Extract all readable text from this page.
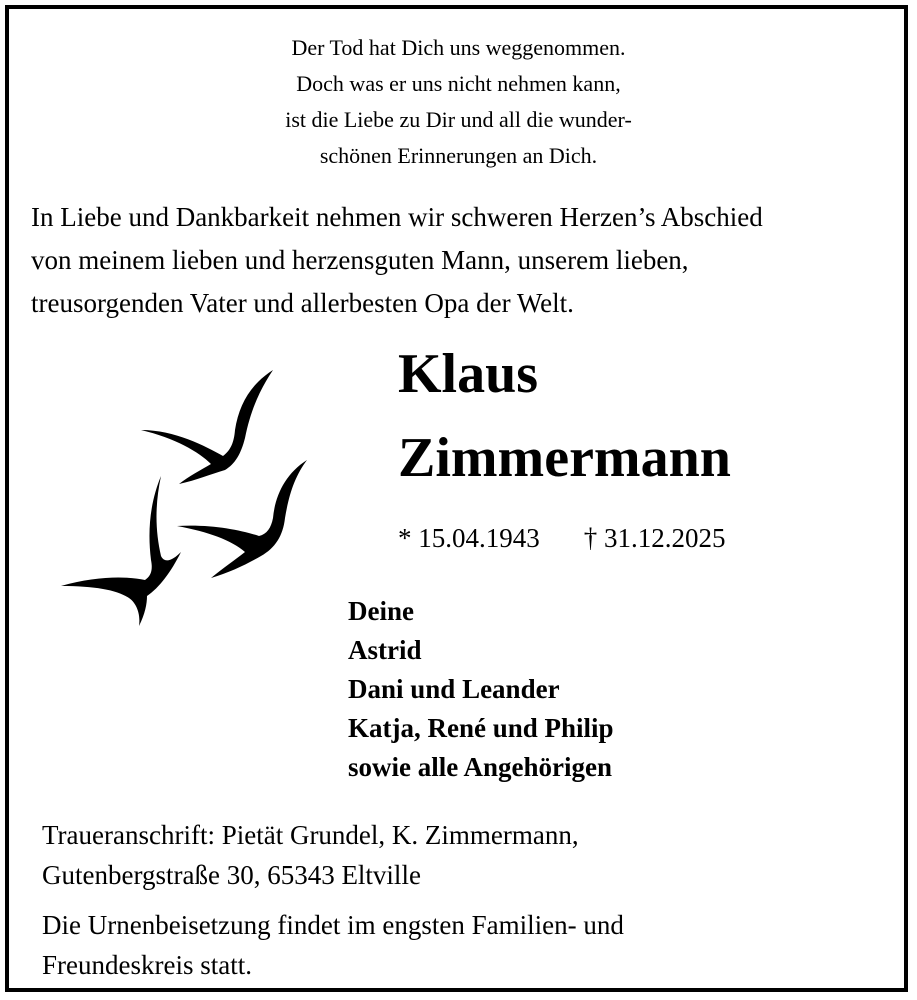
Der Tod hat Dich uns weggenommen.
Doch was er uns nicht nehmen kann,
ist die Liebe zu Dir und all die wunder-
schönen Erinnerungen an Dich.
In Liebe und Dankbarkeit nehmen wir schweren Herzen’s Abschied
von meinem lieben und herzensguten Mann, unserem lieben,
treusorgenden Vater und allerbesten Opa der Welt.
Klaus
Zimmermann
* 15.04.1943 † 31.12.2025
Deine
Astrid
Dani und Leander
Katja, René und Philip
sowie alle Angehörigen
Traueranschrift: Pietät Grundel, K. Zimmermann,
Gutenbergstraße 30, 65343 Eltville
Die Urnenbeisetzung findet im engsten Familien- und
Freundeskreis statt.
